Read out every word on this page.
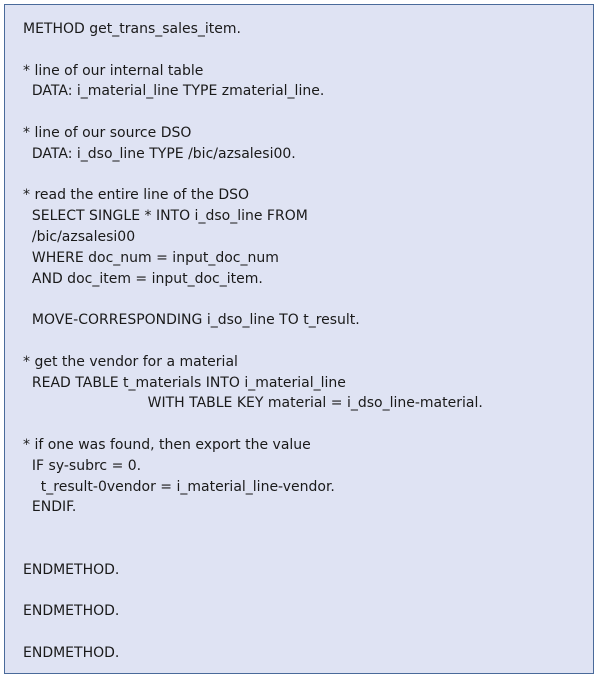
METHOD get_trans_sales_item.
* line of our internal table
DATA: i_material_line TYPE zmaterial_line.
* line of our source DSO
DATA: i_dso_line TYPE /bic/azsalesi00.
* read the entire line of the DSO
SELECT SINGLE * INTO i_dso_line FROM
/bic/azsalesi00
WHERE doc_num = input_doc_num
AND doc_item = input_doc_item.
MOVE-CORRESPONDING i_dso_line TO t_result.
* get the vendor for a material
READ TABLE t_materials INTO i_material_line
WITH TABLE KEY material = i_dso_line-material.
* if one was found, then export the value
IF sy-subrc = 0.
t_result-0vendor = i_material_line-vendor.
ENDIF.
ENDMETHOD.
ENDMETHOD.
ENDMETHOD.
